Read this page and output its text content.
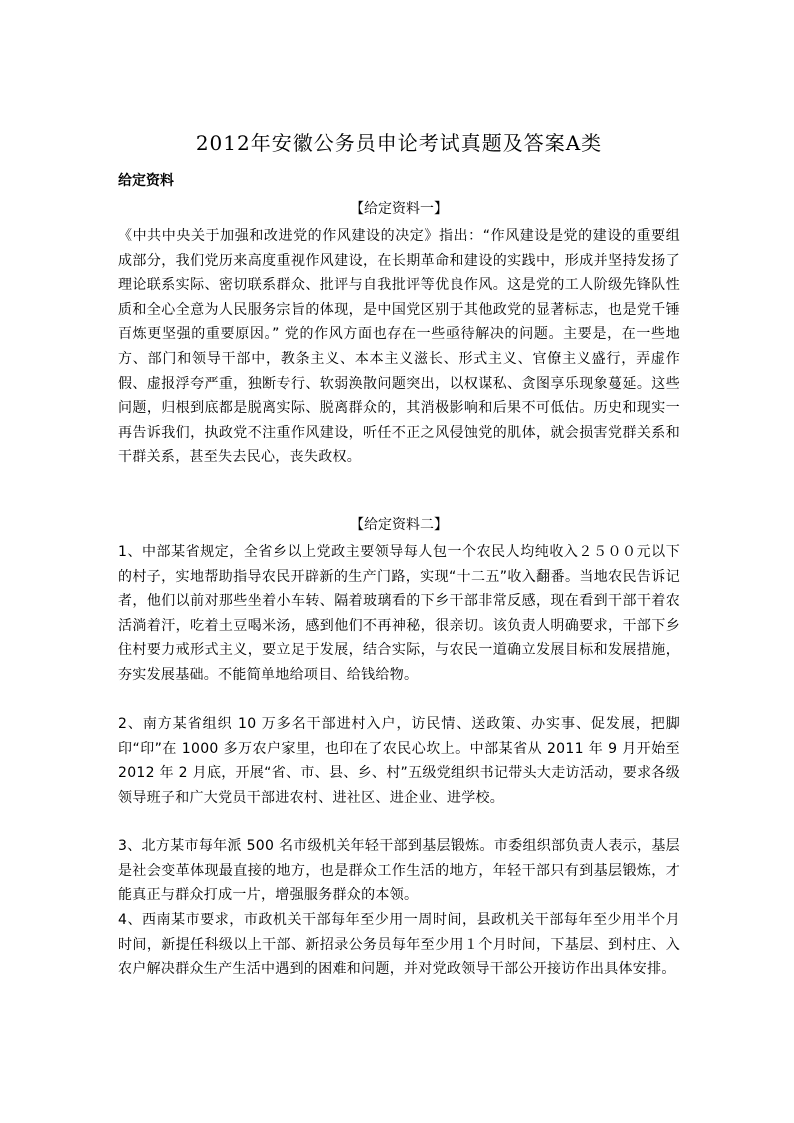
2012年安徽公务员申论考试真题及答案A类
给定资料
【给定资料一】
《中共中央关于加强和改进党的作风建设的决定》指出：“作风建设是党的建设的重要组成部分，我们党历来高度重视作风建设，在长期革命和建设的实践中，形成并坚持发扬了理论联系实际、密切联系群众、批评与自我批评等优良作风。这是党的工人阶级先锋队性质和全心全意为人民服务宗旨的体现，是中国党区别于其他政党的显著标志，也是党千锤百炼更坚强的重要原因。” 党的作风方面也存在一些亟待解决的问题。主要是，在一些地方、部门和领导干部中，教条主义、本本主义滋长、形式主义、官僚主义盛行，弄虚作假、虚报浮夸严重，独断专行、软弱涣散问题突出，以权谋私、贪图享乐现象蔓延。这些问题，归根到底都是脱离实际、脱离群众的，其消极影响和后果不可低估。历史和现实一再告诉我们，执政党不注重作风建设，听任不正之风侵蚀党的肌体，就会损害党群关系和干群关系，甚至失去民心，丧失政权。
【给定资料二】
1、中部某省规定，全省乡以上党政主要领导每人包一个农民人均纯收入２５００元以下的村子，实地帮助指导农民开辟新的生产门路，实现“十二五”收入翻番。当地农民告诉记者，他们以前对那些坐着小车转、隔着玻璃看的下乡干部非常反感，现在看到干部干着农活淌着汗，吃着土豆喝米汤，感到他们不再神秘，很亲切。该负责人明确要求，干部下乡住村要力戒形式主义，要立足于发展，结合实际，与农民一道确立发展目标和发展措施，夯实发展基础。不能简单地给项目、给钱给物。
2、南方某省组织 10 万多名干部进村入户，访民情、送政策、办实事、促发展，把脚印“印”在 1000 多万农户家里，也印在了农民心坎上。中部某省从 2011 年 9 月开始至 2012 年 2 月底，开展“省、市、县、乡、村”五级党组织书记带头大走访活动，要求各级领导班子和广大党员干部进农村、进社区、进企业、进学校。
3、北方某市每年派 500 名市级机关年轻干部到基层锻炼。市委组织部负责人表示，基层是社会变革体现最直接的地方，也是群众工作生活的地方，年轻干部只有到基层锻炼，才能真正与群众打成一片，增强服务群众的本领。
4、西南某市要求，市政机关干部每年至少用一周时间，县政机关干部每年至少用半个月时间，新提任科级以上干部、新招录公务员每年至少用１个月时间，下基层、到村庄、入农户解决群众生产生活中遇到的困难和问题，并对党政领导干部公开接访作出具体安排。
